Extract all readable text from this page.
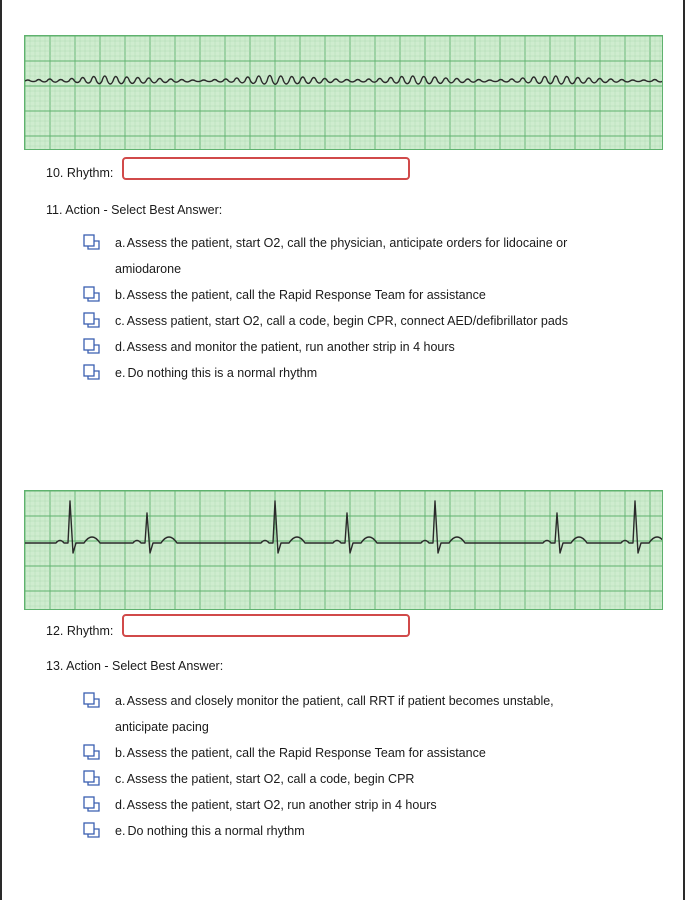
10. Rhythm:
11. Action - Select Best Answer:
a. Assess the patient, start O2, call the physician, anticipate orders for lidocaine or
amiodarone
b. Assess the patient, call the Rapid Response Team for assistance
c. Assess patient, start O2, call a code, begin CPR, connect AED/defibrillator pads
d. Assess and monitor the patient, run another strip in 4 hours
e. Do nothing this is a normal rhythm
12. Rhythm:
13. Action - Select Best Answer:
a. Assess and closely monitor the patient, call RRT if patient becomes unstable,
anticipate pacing
b. Assess the patient, call the Rapid Response Team for assistance
c. Assess the patient, start O2, call a code, begin CPR
d. Assess the patient, start O2, run another strip in 4 hours
e. Do nothing this a normal rhythm
